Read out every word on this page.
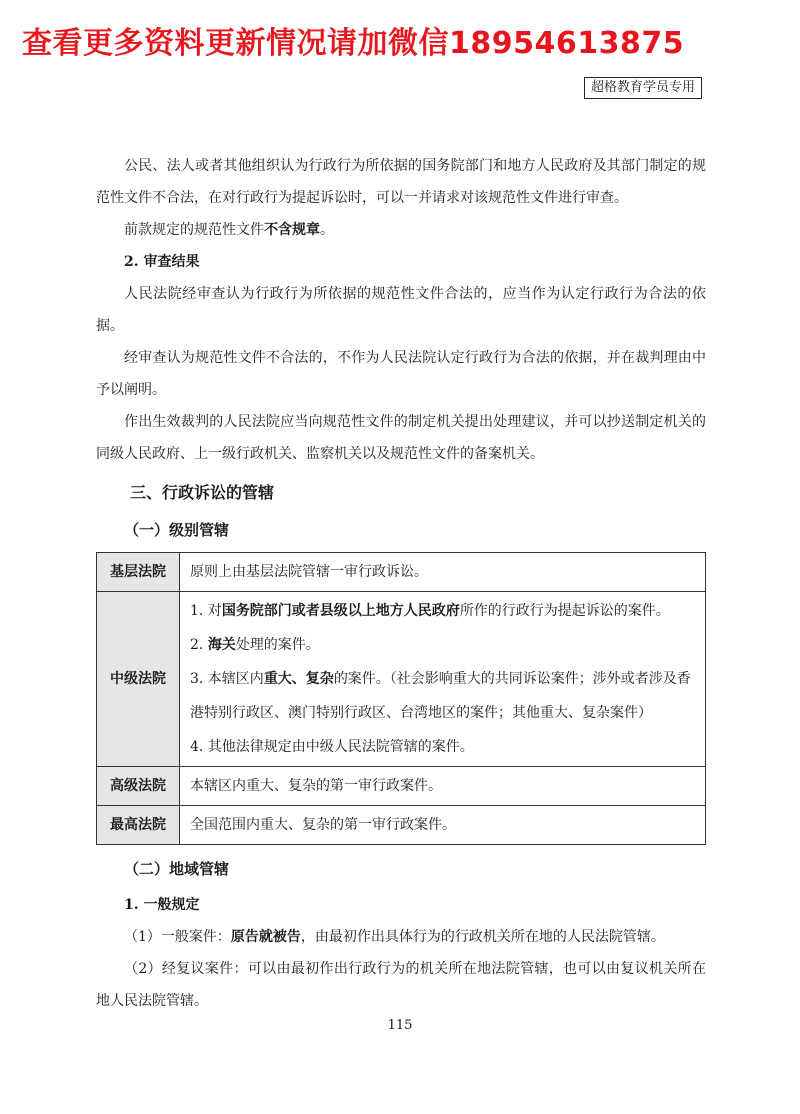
查看更多资料更新情况请加微信18954613875
超格教育学员专用

公民、法人或者其他组织认为行政行为所依据的国务院部门和地方人民政府及其部门制定的规范性文件不合法，在对行政行为提起诉讼时，可以一并请求对该规范性文件进行审查。

前款规定的规范性文件不含规章。

2. 审查结果

人民法院经审查认为行政行为所依据的规范性文件合法的，应当作为认定行政行为合法的依据。

经审查认为规范性文件不合法的，不作为人民法院认定行政行为合法的依据，并在裁判理由中予以阐明。

作出生效裁判的人民法院应当向规范性文件的制定机关提出处理建议，并可以抄送制定机关的同级人民政府、上一级行政机关、监察机关以及规范性文件的备案机关。

三、行政诉讼的管辖
（一）级别管辖
基层法院	原则上由基层法院管辖一审行政诉讼。
中级法院	1. 对国务院部门或者县级以上地方人民政府所作的行政行为提起诉讼的案件。
2. 海关处理的案件。
3. 本辖区内重大、复杂的案件。（社会影响重大的共同诉讼案件；涉外或者涉及香港特别行政区、澳门特别行政区、台湾地区的案件；其他重大、复杂案件）
4. 其他法律规定由中级人民法院管辖的案件。

高级法院	本辖区内重大、复杂的第一审行政案件。
最高法院	全国范围内重大、复杂的第一审行政案件。
（二）地域管辖
1. 一般规定

（1）一般案件：原告就被告，由最初作出具体行为的行政机关所在地的人民法院管辖。

（2）经复议案件：可以由最初作出行政行为的机关所在地法院管辖，也可以由复议机关所在地人民法院管辖。

115
